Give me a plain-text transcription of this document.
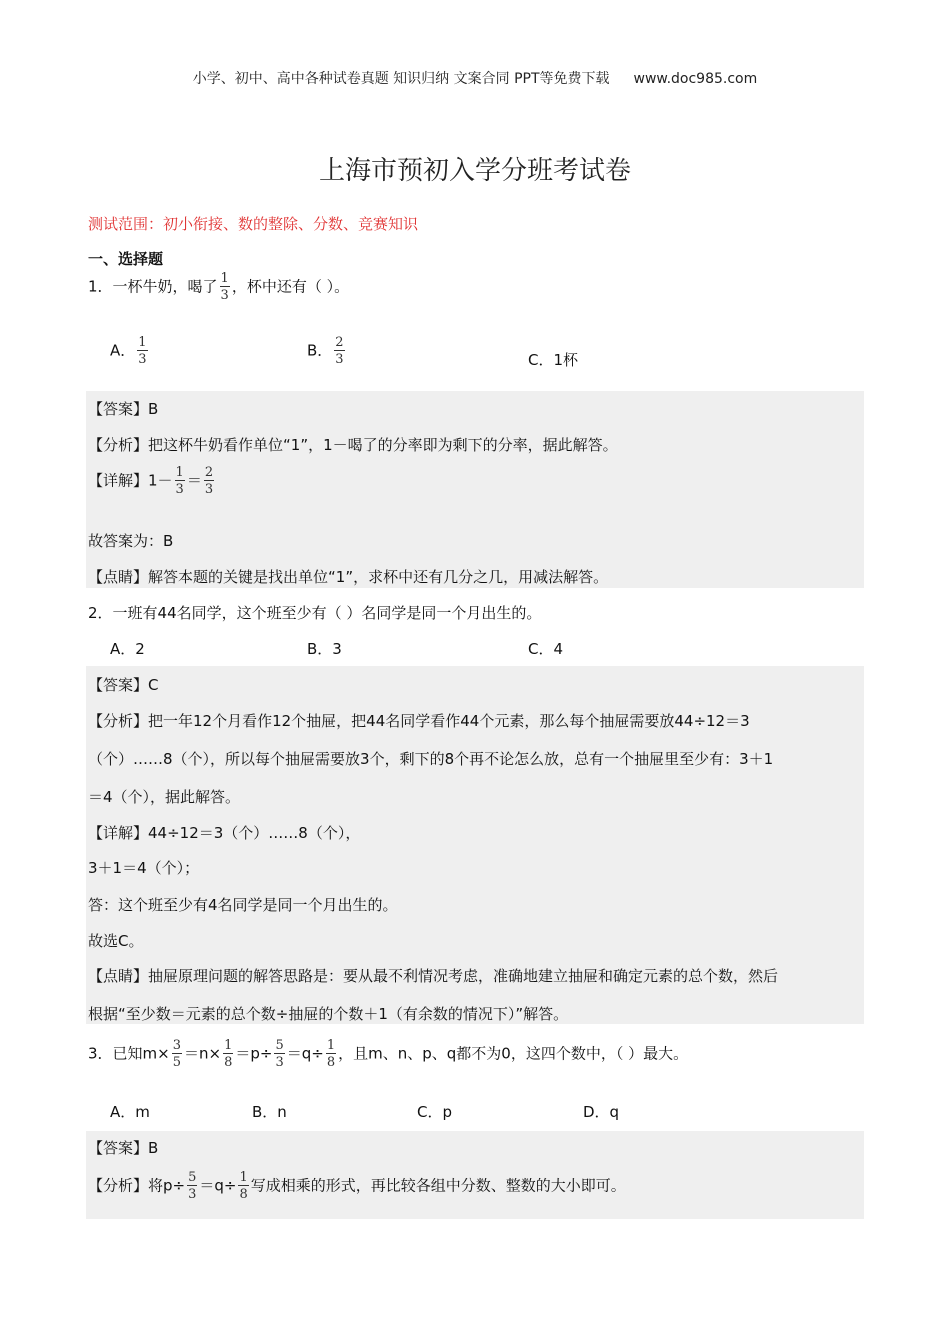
小学、初中、高中各种试卷真题 知识归纳 文案合同 PPT等免费下载 www.doc985.com
上海市预初入学分班考试卷
测试范围：初小衔接、数的整除、分数、竞赛知识
一、选择题
1．一杯牛奶，喝了 $\frac{1}{3}$ ，杯中还有（ ）。
A． $\frac{1}{3}$	B． $\frac{2}{3}$	C．1杯
【答案】B
【分析】把这杯牛奶看作单位“1”，1－喝了的分率即为剩下的分率，据此解答。
【详解】$1- \frac{1}{3} = \frac{2}{3}$
故答案为：B
【点睛】解答本题的关键是找出单位“1”，求杯中还有几分之几，用减法解答。
2．一班有44名同学，这个班至少有（ ）名同学是同一个月出生的。
A．2	B．3	C．4
【答案】C
【分析】把一年12个月看作12个抽屉，把44名同学看作44个元素，那么每个抽屉需要放44÷12＝3
（个）……8（个），所以每个抽屉需要放3个，剩下的8个再不论怎么放，总有一个抽屉里至少有：3＋1
＝4（个），据此解答。
【详解】44÷12＝3（个）……8（个），
3＋1＝4（个）；
答：这个班至少有4名同学是同一个月出生的。
故选C。
【点睛】抽屉原理问题的解答思路是：要从最不利情况考虑，准确地建立抽屉和确定元素的总个数，然后
根据“至少数＝元素的总个数÷抽屉的个数＋1（有余数的情况下）”解答。
3．已知$m\times \frac{3}{5} =n\times \frac{1}{8} =p\div \frac{5}{3} =q\div \frac{1}{8}$ ，且m、n、p、q都不为0，这四个数中，（ ）最大。
A．m	B．n	C．p	D．q
【答案】B
【分析】将$p\div \frac{5}{3} =q\div \frac{1}{8}$ 写成相乘的形式，再比较各组中分数、整数的大小即可。
